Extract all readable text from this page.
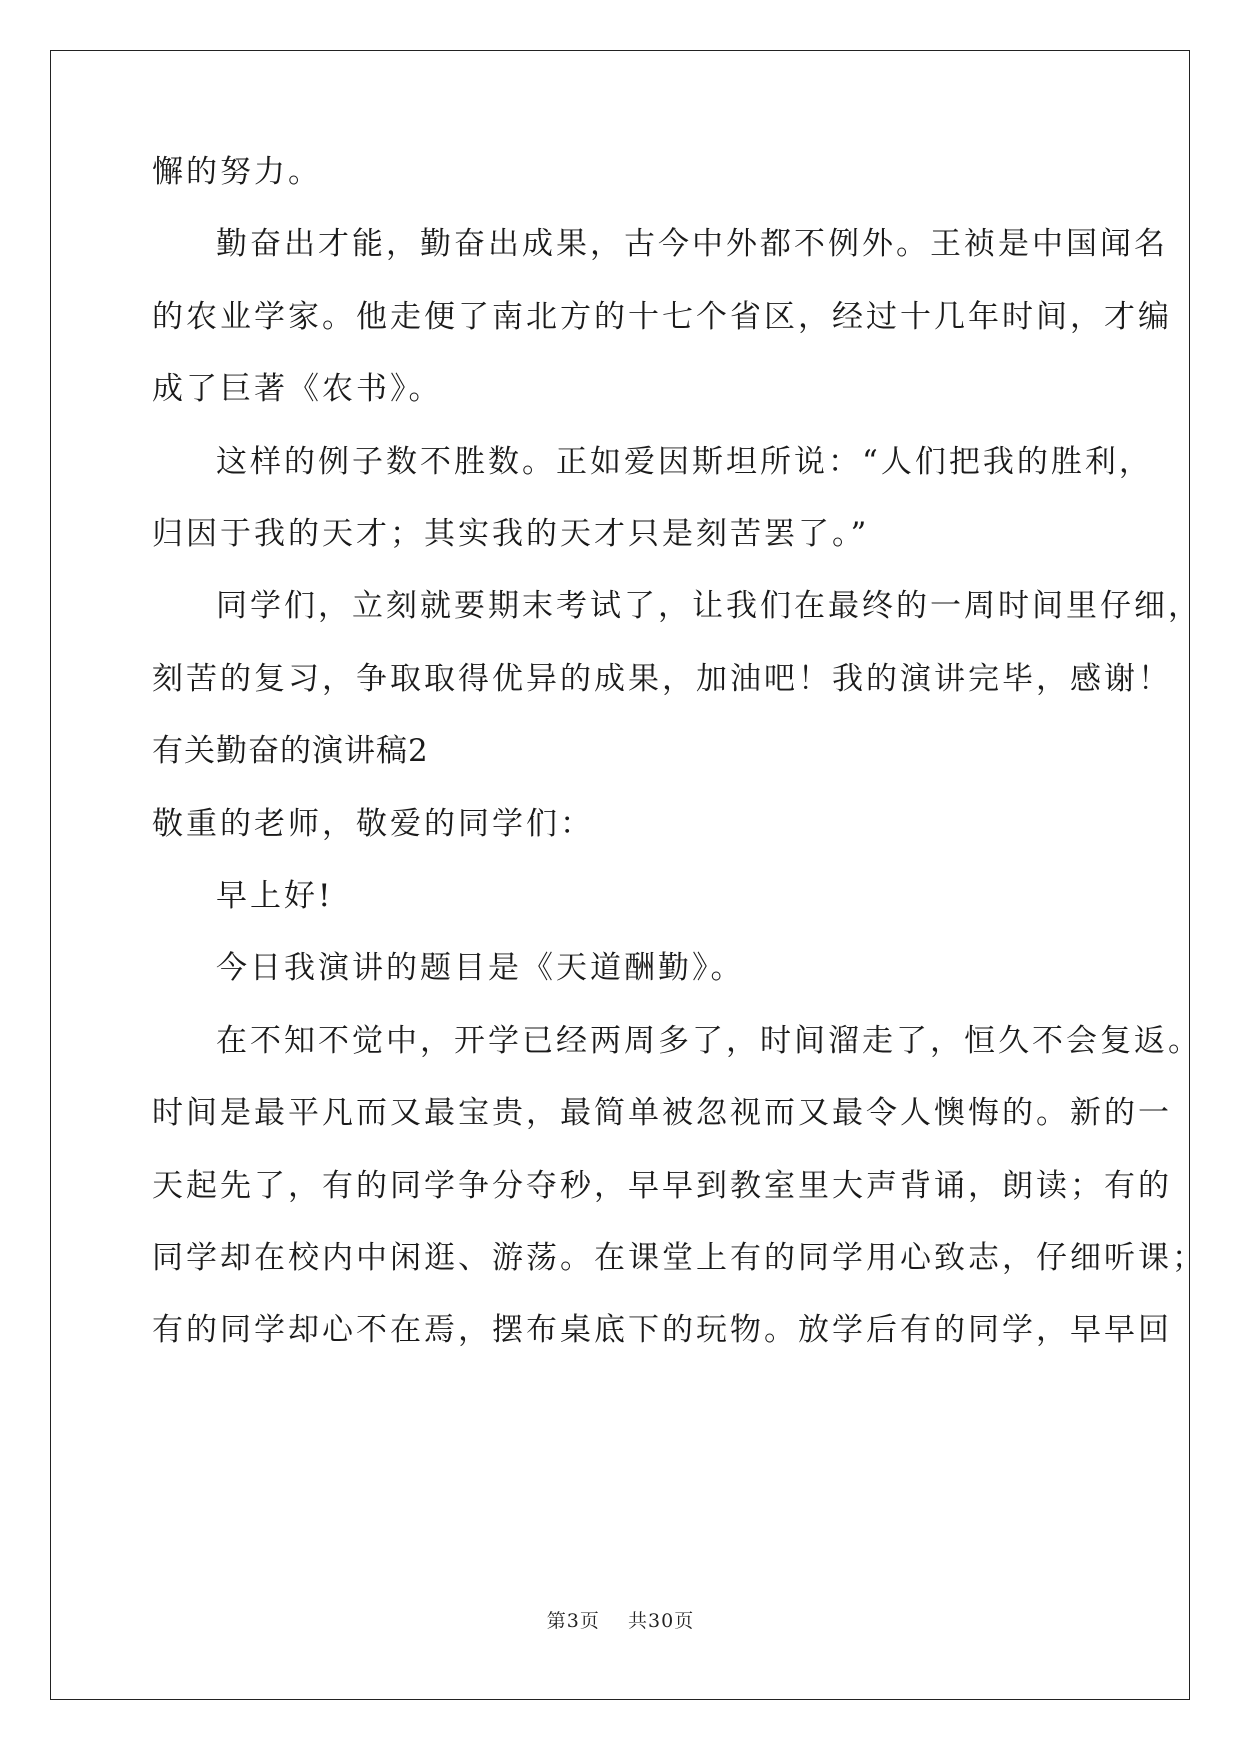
懈的努力。
勤奋出才能，勤奋出成果，古今中外都不例外。王祯是中国闻名
的农业学家。他走便了南北方的十七个省区，经过十几年时间，才编
成了巨著《农书》。
这样的例子数不胜数。正如爱因斯坦所说：“人们把我的胜利，
归因于我的天才；其实我的天才只是刻苦罢了。”
同学们，立刻就要期末考试了，让我们在最终的一周时间里仔细，
刻苦的复习，争取取得优异的成果，加油吧！我的演讲完毕，感谢！
有关勤奋的演讲稿2
敬重的老师，敬爱的同学们：
早上好!
今日我演讲的题目是《天道酬勤》。
在不知不觉中，开学已经两周多了，时间溜走了，恒久不会复返。
时间是最平凡而又最宝贵，最简单被忽视而又最令人懊悔的。新的一
天起先了，有的同学争分夺秒，早早到教室里大声背诵，朗读；有的
同学却在校内中闲逛、游荡。在课堂上有的同学用心致志，仔细听课；
有的同学却心不在焉，摆布桌底下的玩物。放学后有的同学，早早回
第3页 共30页
